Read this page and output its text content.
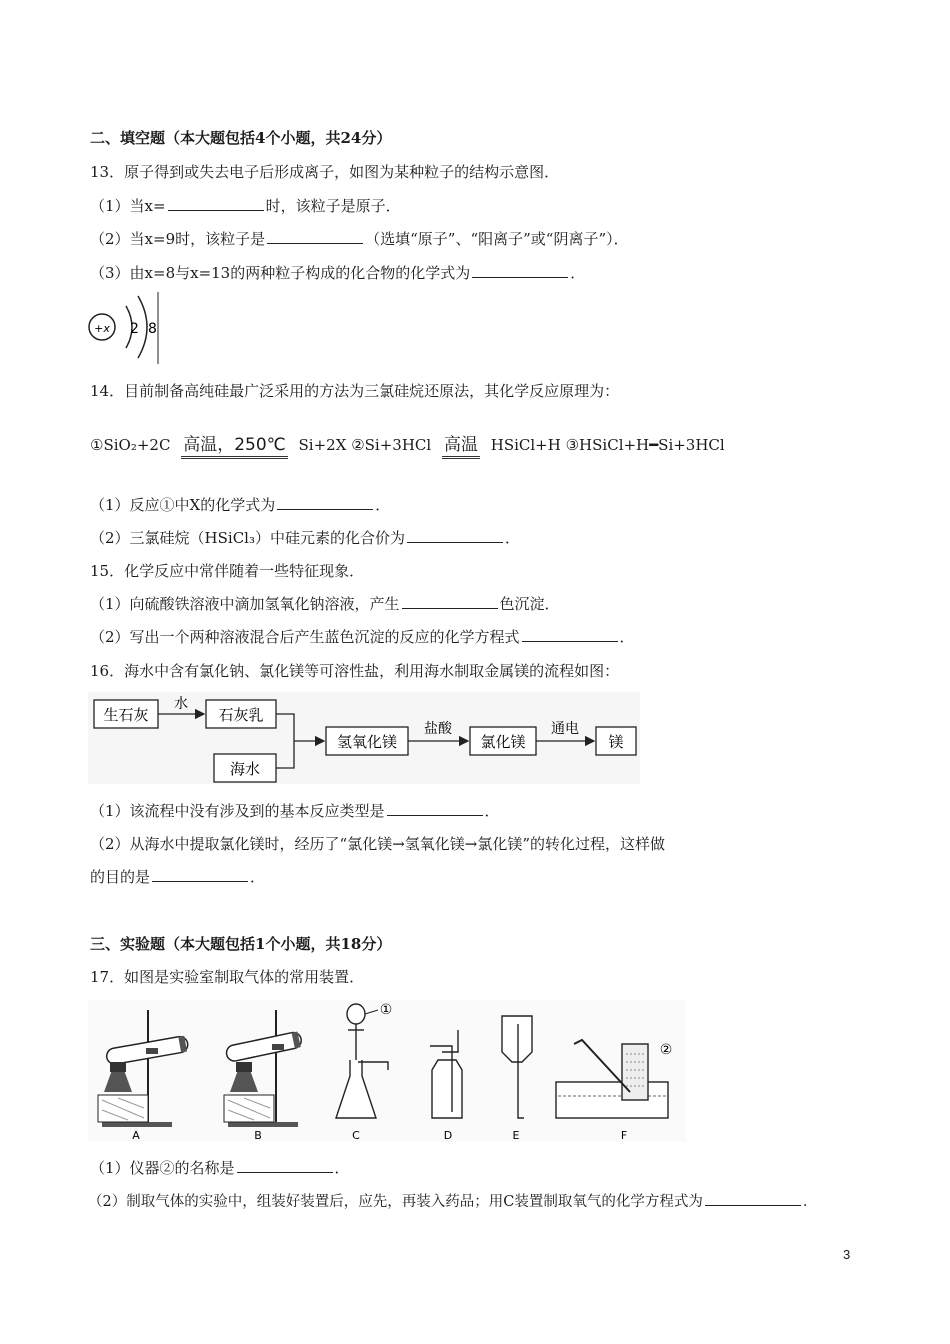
二、填空题（本大题包括4个小题，共24分）
13．原子得到或失去电子后形成离子，如图为某种粒子的结构示意图．
（1）当x=	时，该粒子是原子．
（2）当x=9时，该粒子是	（选填“原子”、“阳离子”或“阴离子”）．
（3）由x=8与x=13的两种粒子构成的化合物的化学式为	．
+x 2 8
14．目前制备高纯硅最广泛采用的方法为三氯硅烷还原法，其化学反应原理为：
①SiO₂+2C 高温，250℃ Si+2X ②Si+3HCl 高温 HSiCl+H ③HSiCl+H━Si+3HCl
（1）反应①中X的化学式为	．
（2）三氯硅烷（HSiCl₃）中硅元素的化合价为	．
15．化学反应中常伴随着一些特征现象．
（1）向硫酸铁溶液中滴加氢氧化钠溶液，产生	色沉淀．
（2）写出一个两种溶液混合后产生蓝色沉淀的反应的化学方程式	．
16．海水中含有氯化钠、氯化镁等可溶性盐，利用海水制取金属镁的流程如图：
生石灰
水
石灰乳
海水
氢氧化镁
盐酸
氯化镁
通电
镁
（1）该流程中没有涉及到的基本反应类型是	．
（2）从海水中提取氯化镁时，经历了“氯化镁→氢氧化镁→氯化镁”的转化过程，这样做
的目的是	．
三、实验题（本大题包括1个小题，共18分）
17．如图是实验室制取气体的常用装置．
A	B
①
C	D	E
②
F
（1）仪器②的名称是	．
（2）制取气体的实验中，组装好装置后，应先，再装入药品；用C装置制取氧气的化学方程式为	．
3
